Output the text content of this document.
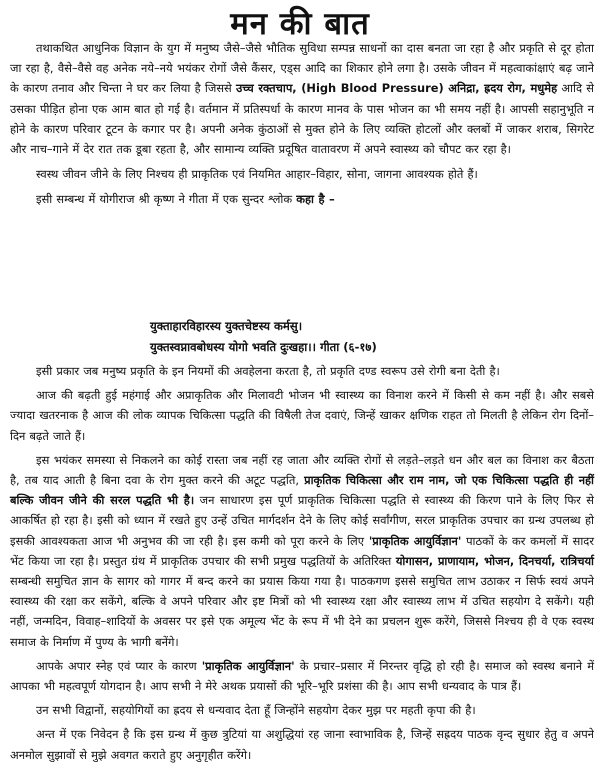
मन की बात

तथाकथित आधुनिक विज्ञान के युग में मनुष्य जैसे–जैसे भौतिक सुविधा सम्पन्न साधनों का दास बनता जा रहा है और प्रकृति से दूर होता जा रहा है, वैसे–वैसे वह अनेक नये–नये भयंकर रोगों जैसे कैंसर, एड्स आदि का शिकार होने लगा है। उसके जीवन में महत्वाकांक्षाएं बढ़ जाने के कारण तनाव और चिन्ता ने घर कर लिया है जिससे उच्च रक्तचाप, (High Blood Pressure) अनिद्रा, ह्रदय रोग, मधुमेह आदि से उसका पीड़ित होना एक आम बात हो गई है। वर्तमान में प्रतिस्पर्धा के कारण मानव के पास भोजन का भी समय नहीं है। आपसी सहानुभूति न होने के कारण परिवार टूटन के कगार पर है। अपनी अनेक कुंठाओं से मुक्त होने के लिए व्यक्ति होटलों और क्लबों में जाकर शराब, सिगरेट और नाच–गाने में देर रात तक डूबा रहता है, और सामान्य व्यक्ति प्रदूषित वातावरण में अपने स्वास्थ्य को चौपट कर रहा है।

स्वस्थ जीवन जीने के लिए निश्चय ही प्राकृतिक एवं नियमित आहार–विहार, सोना, जागना आवश्यक होते हैं।

इसी सम्बन्ध में योगीराज श्री कृष्ण ने गीता में एक सुन्दर श्लोक कहा है –

युक्ताहारविहारस्य युक्तचेष्टस्य कर्मसु।
युक्तस्वप्नावबोधस्य योगो भवति दुःखहा।। गीता (६-१७)

इसी प्रकार जब मनुष्य प्रकृति के इन नियमों की अवहेलना करता है, तो प्रकृति दण्ड स्वरूप उसे रोगी बना देती है।

आज की बढ़ती हुई महंगाई और अप्राकृतिक और मिलावटी भोजन भी स्वास्थ्य का विनाश करने में किसी से कम नहीं है। और सबसे ज्यादा खतरनाक है आज की लोक व्यापक चिकित्सा पद्धति की विषैली तेज दवाएं, जिन्हें खाकर क्षणिक राहत तो मिलती है लेकिन रोग दिनों–दिन बढ़ते जाते हैं।

इस भयंकर समस्या से निकलने का कोई रास्ता जब नहीं रह जाता और व्यक्ति रोगों से लड़ते–लड़ते धन और बल का विनाश कर बैठता है, तब याद आती है बिना दवा के रोग मुक्त करने की अटूट पद्धति, प्राकृतिक चिकित्सा और राम नाम, जो एक चिकित्सा पद्धति ही नहीं बल्कि जीवन जीने की सरल पद्धति भी है। जन साधारण इस पूर्ण प्राकृतिक चिकित्सा पद्धति से स्वास्थ्य की किरण पाने के लिए फिर से आकर्षित हो रहा है। इसी को ध्यान में रखते हुए उन्हें उचित मार्गदर्शन देने के लिए कोई सर्वांगीण, सरल प्राकृतिक उपचार का ग्रन्थ उपलब्ध हो इसकी आवश्यकता आज भी अनुभव की जा रही है। इस कमी को पूरा करने के लिए 'प्राकृतिक आयुर्विज्ञान' पाठकों के कर कमलों में सादर भेंट किया जा रहा है। प्रस्तुत ग्रंथ में प्राकृतिक उपचार की सभी प्रमुख पद्धतियों के अतिरिक्त योगासन, प्राणायाम, भोजन, दिनचर्या, रात्रिचर्या सम्बन्धी समुचित ज्ञान के सागर को गागर में बन्द करने का प्रयास किया गया है। पाठकगण इससे समुचित लाभ उठाकर न सिर्फ स्वयं अपने स्वास्थ्य की रक्षा कर सकेंगे, बल्कि वे अपने परिवार और इष्ट मित्रों को भी स्वास्थ्य रक्षा और स्वास्थ्य लाभ में उचित सहयोग दे सकेंगे। यही नहीं, जन्मदिन, विवाह–शादियों के अवसर पर इसे एक अमूल्य भेंट के रूप में भी देने का प्रचलन शुरू करेंगे, जिससे निश्चय ही वे एक स्वस्थ समाज के निर्माण में पुण्य के भागी बनेंगे।

आपके अपार स्नेह एवं प्यार के कारण 'प्राकृतिक आयुर्विज्ञान' के प्रचार–प्रसार में निरन्तर वृद्धि हो रही है। समाज को स्वस्थ बनाने में आपका भी महत्वपूर्ण योगदान है। आप सभी ने मेरे अथक प्रयासों की भूरि–भूरि प्रशंसा की है। आप सभी धन्यवाद के पात्र हैं।

उन सभी विद्वानों, सहयोगियों का ह्रदय से धन्यवाद देता हूँ जिन्होंने सहयोग देकर मुझ पर महती कृपा की है।

अन्त में एक निवेदन है कि इस ग्रन्थ में कुछ त्रुटियां या अशुद्धियां रह जाना स्वाभाविक है, जिन्हें सह्रदय पाठक वृन्द सुधार हेतु व अपने अनमोल सुझावों से मुझे अवगत कराते हुए अनुगृहीत करेंगे।
